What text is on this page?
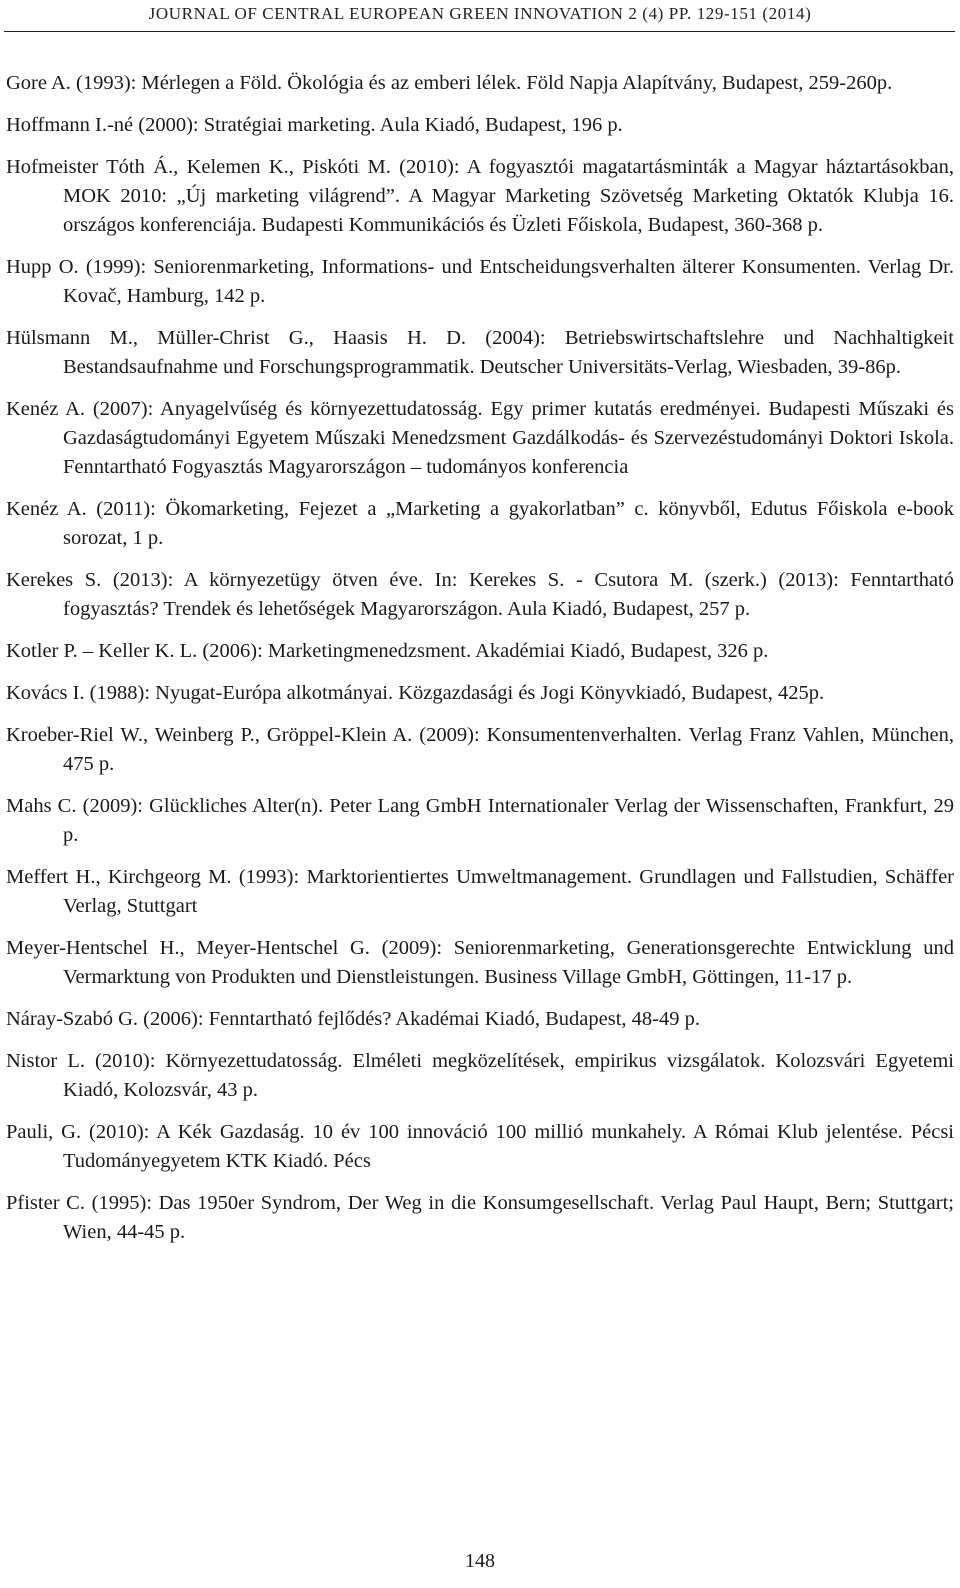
JOURNAL OF CENTRAL EUROPEAN GREEN INNOVATION 2 (4) PP. 129-151 (2014)
Gore A. (1993): Mérlegen a Föld. Ökológia és az emberi lélek. Föld Napja Alapítvány, Budapest, 259-260p.
Hoffmann I.-né (2000): Stratégiai marketing. Aula Kiadó, Budapest, 196 p.
Hofmeister Tóth Á., Kelemen K., Piskóti M. (2010): A fogyasztói magatartásminták a Magyar háztartásokban, MOK 2010: „Új marketing világrend”. A Magyar Marketing Szövetség Marketing Oktatók Klubja 16. országos konferenciája. Budapesti Kommunikációs és Üzleti Főiskola, Budapest, 360-368 p.
Hupp O. (1999): Seniorenmarketing, Informations- und Entscheidungsverhalten älterer Konsumenten. Verlag Dr. Kovač, Hamburg, 142 p.
Hülsmann M., Müller-Christ G., Haasis H. D. (2004): Betriebswirtschaftslehre und Nachhaltigkeit Bestandsaufnahme und Forschungsprogrammatik. Deutscher Universitäts-Verlag, Wiesbaden, 39-86p.
Kenéz A. (2007): Anyagelvűség és környezettudatosság. Egy primer kutatás eredményei. Budapesti Műszaki és Gazdaságtudományi Egyetem Műszaki Menedzsment Gazdálkodás- és Szervezéstudományi Doktori Iskola. Fenntartható Fogyasztás Magyarországon – tudományos konferencia
Kenéz A. (2011): Ökomarketing, Fejezet a „Marketing a gyakorlatban” c. könyvből, Edutus Főiskola e-book sorozat, 1 p.
Kerekes S. (2013): A környezetügy ötven éve. In: Kerekes S. - Csutora M. (szerk.) (2013): Fenntartható fogyasztás? Trendek és lehetőségek Magyarországon. Aula Kiadó, Budapest, 257 p.
Kotler P. – Keller K. L. (2006): Marketingmenedzsment. Akadémiai Kiadó, Budapest, 326 p.
Kovács I. (1988): Nyugat-Európa alkotmányai. Közgazdasági és Jogi Könyvkiadó, Budapest, 425p.
Kroeber-Riel W., Weinberg P., Gröppel-Klein A. (2009): Konsumentenverhalten. Verlag Franz Vahlen, München, 475 p.
Mahs C. (2009): Glückliches Alter(n). Peter Lang GmbH Internationaler Verlag der Wissenschaften, Frankfurt, 29 p.
Meffert H., Kirchgeorg M. (1993): Marktorientiertes Umweltmanagement. Grundlagen und Fallstudien, Schäffer Verlag, Stuttgart
Meyer-Hentschel H., Meyer-Hentschel G. (2009): Seniorenmarketing, Generationsgerechte Entwicklung und Vermarktung von Produkten und Dienstleistungen. Business Village GmbH, Göttingen, 11-17 p.
Náray-Szabó G. (2006): Fenntartható fejlődés? Akadémai Kiadó, Budapest, 48-49 p.
Nistor L. (2010): Környezettudatosság. Elméleti megközelítések, empirikus vizsgálatok. Kolozsvári Egyetemi Kiadó, Kolozsvár, 43 p.
Pauli, G. (2010): A Kék Gazdaság. 10 év 100 innováció 100 millió munkahely. A Római Klub jelentése. Pécsi Tudományegyetem KTK Kiadó. Pécs
Pfister C. (1995): Das 1950er Syndrom, Der Weg in die Konsumgesellschaft. Verlag Paul Haupt, Bern; Stuttgart; Wien, 44-45 p.
148
